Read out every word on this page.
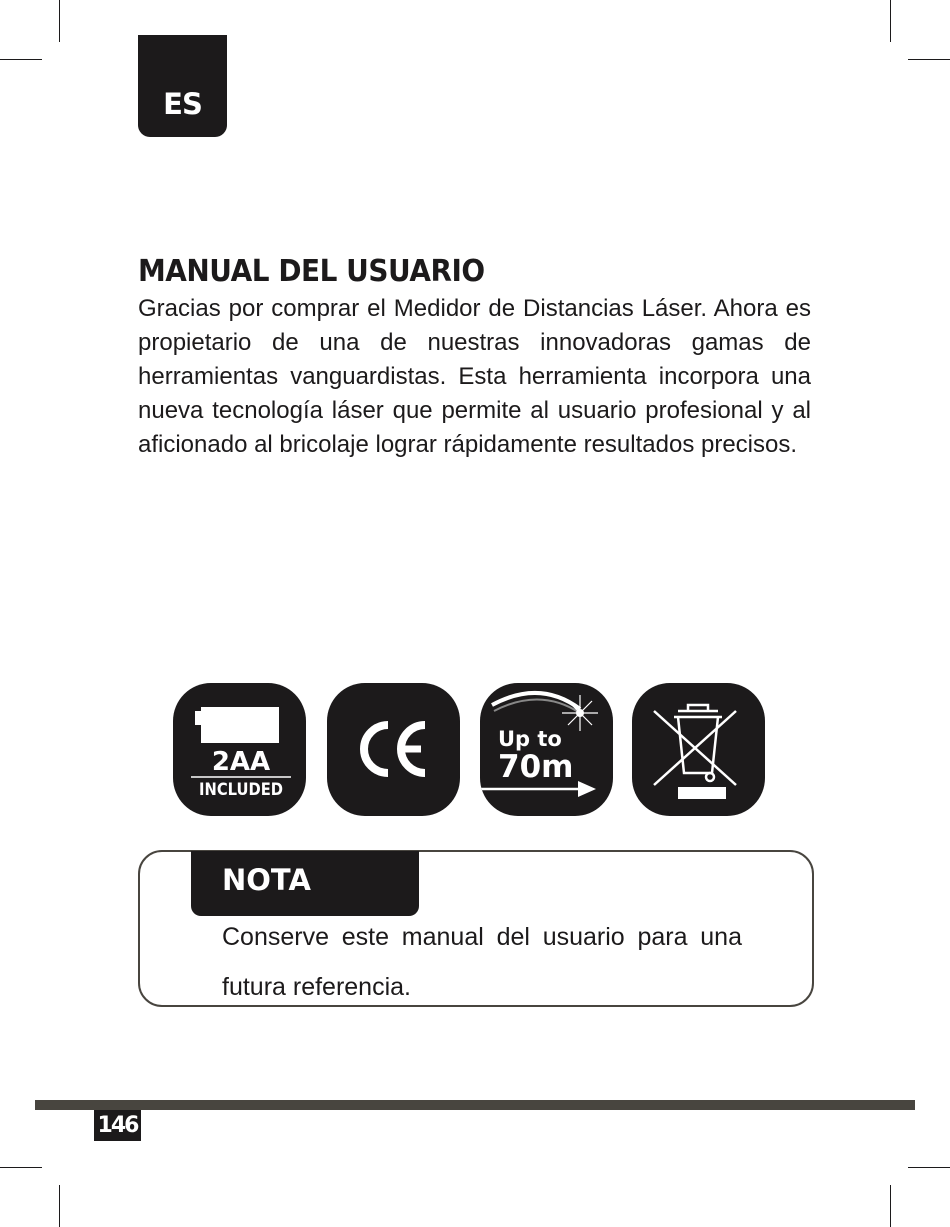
ES
MANUAL DEL USUARIO

Gracias por comprar el Medidor de Distancias Láser. Ahora es propietario de una de nuestras innovadoras gamas de herramientas vanguardistas. Esta herramienta incorpora una nueva tecnología láser que permite al usuario profesional y al aficionado al bricolaje lograr rápidamente resultados precisos.

2AA
INCLUDED
Up to
70m
NOTA

Conserve este manual del usuario para una futura referencia.

146
